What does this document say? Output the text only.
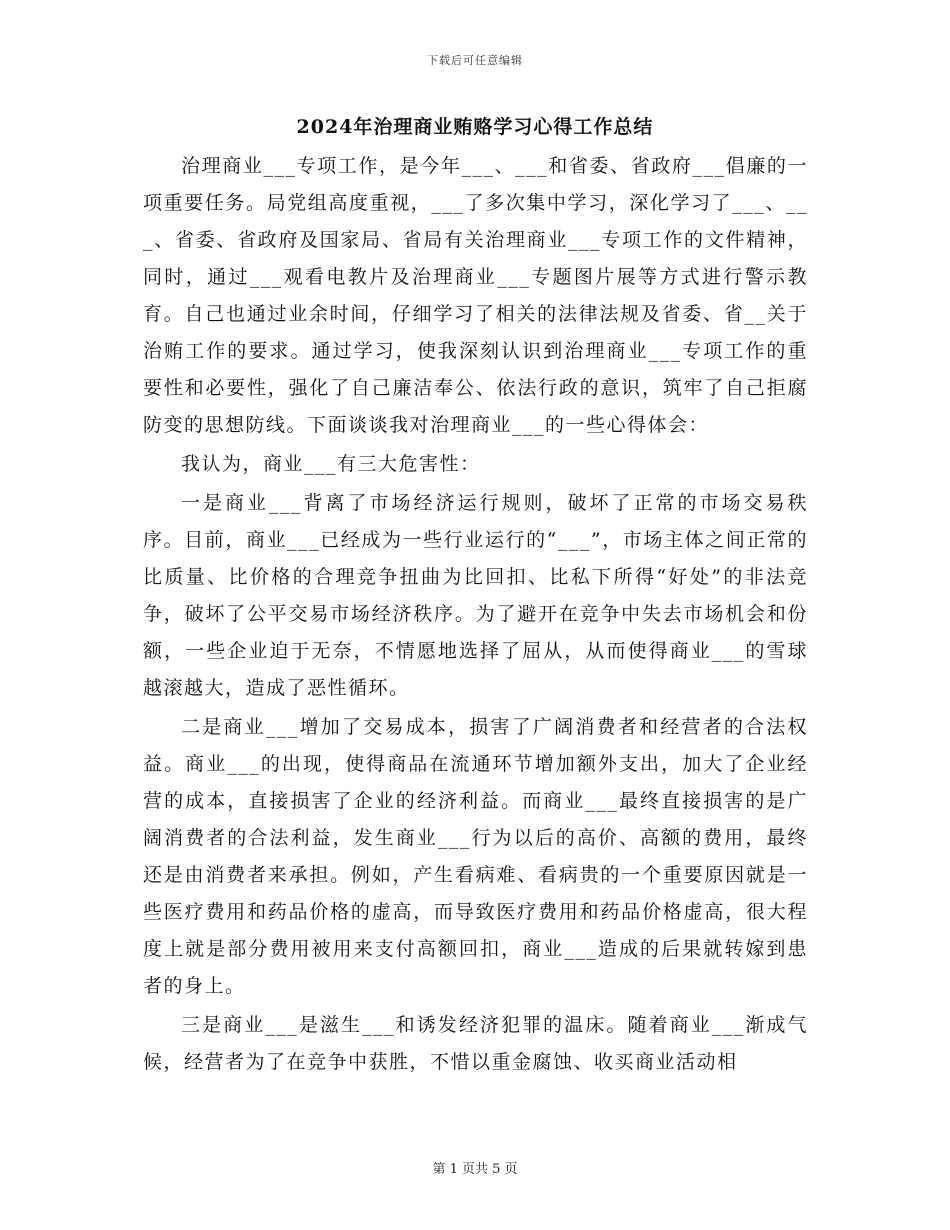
下载后可任意编辑
2024年治理商业贿赂学习心得工作总结

治理商业___专项工作，是今年___、___和省委、省政府___倡廉的一项重要任务。局党组高度重视，___了多次集中学习，深化学习了___、___、省委、省政府及国家局、省局有关治理商业___专项工作的文件精神，同时，通过___观看电教片及治理商业___专题图片展等方式进行警示教育。自己也通过业余时间，仔细学习了相关的法律法规及省委、省__关于治贿工作的要求。通过学习，使我深刻认识到治理商业___专项工作的重要性和必要性，强化了自己廉洁奉公、依法行政的意识，筑牢了自己拒腐防变的思想防线。下面谈谈我对治理商业___的一些心得体会：

我认为，商业___有三大危害性：

一是商业___背离了市场经济运行规则，破坏了正常的市场交易秩序。目前，商业___已经成为一些行业运行的“___”，市场主体之间正常的比质量、比价格的合理竞争扭曲为比回扣、比私下所得“好处”的非法竞争，破坏了公平交易市场经济秩序。为了避开在竞争中失去市场机会和份额，一些企业迫于无奈，不情愿地选择了屈从，从而使得商业___的雪球越滚越大，造成了恶性循环。

二是商业___增加了交易成本，损害了广阔消费者和经营者的合法权益。商业___的出现，使得商品在流通环节增加额外支出，加大了企业经营的成本，直接损害了企业的经济利益。而商业___最终直接损害的是广阔消费者的合法利益，发生商业___行为以后的高价、高额的费用，最终还是由消费者来承担。例如，产生看病难、看病贵的一个重要原因就是一些医疗费用和药品价格的虚高，而导致医疗费用和药品价格虚高，很大程度上就是部分费用被用来支付高额回扣，商业___造成的后果就转嫁到患者的身上。

三是商业___是滋生___和诱发经济犯罪的温床。随着商业___渐成气候，经营者为了在竞争中获胜，不惜以重金腐蚀、收买商业活动相

第 1 页共 5 页
